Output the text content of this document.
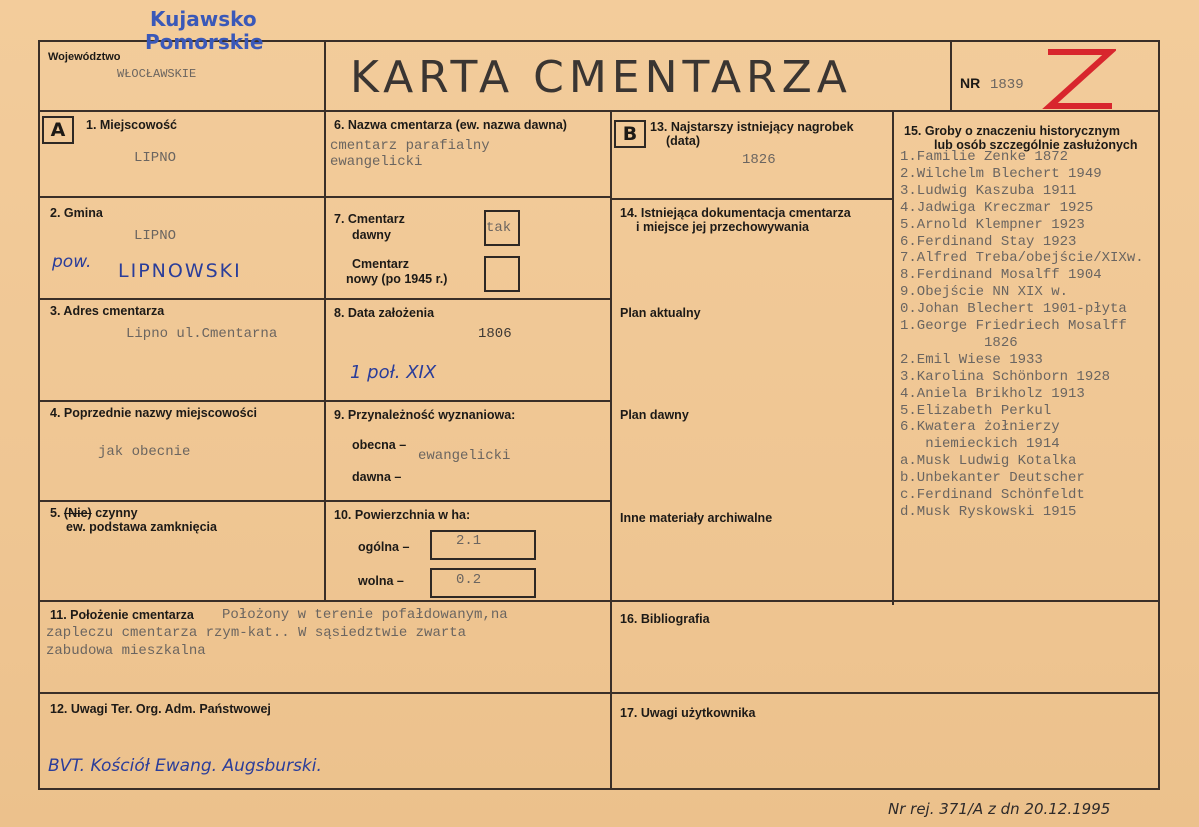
Kujawsko
Pomorskie
Województwo
WŁOCŁAWSKIE	KARTA CMENTARZA	NR 1839
A	B
1. Miejscowość
LIPNO
2. Gmina
LIPNO
pow. LIPNOWSKI
3. Adres cmentarza
Lipno ul.Cmentarna
4. Poprzednie nazwy miejscowości
jak obecnie
5. (Nie) czynny
ew. podstawa zamknięcia
6. Nazwa cmentarza (ew. nazwa dawna)
cmentarz parafialny
ewangelicki
7. Cmentarz
dawny	tak
Cmentarz
nowy (po 1945 r.)
8. Data założenia
1806
1 poł. XIX
9. Przynależność wyznaniowa:
obecna –
ewangelicki
dawna –
10. Powierzchnia w ha:
ogólna –	2.1
wolna –	0.2
11. Położenie cmentarza Położony w terenie pofałdowanym,na
zapleczu cmentarza rzym-kat.. W sąsiedztwie zwarta
zabudowa mieszkalna
12. Uwagi Ter. Org. Adm. Państwowej
BVT. Kościół Ewang. Augsburski.
13. Najstarszy istniejący nagrobek
(data)
1826
14. Istniejąca dokumentacja cmentarza
i miejsce jej przechowywania
Plan aktualny
Plan dawny
Inne materiały archiwalne
15. Groby o znaczeniu historycznym
lub osób szczególnie zasłużonych
1.Familie Zenke 1872
2.Wilchelm Blechert 1949
3.Ludwig Kaszuba 1911
4.Jadwiga Kreczmar 1925
5.Arnold Klempner 1923
6.Ferdinand Stay 1923
7.Alfred Treba/obejście/XIXw.
8.Ferdinand Mosalff 1904
9.Obejście NN XIX w.
0.Johan Blechert 1901-płyta
1.George Friedriech Mosalff
1826
2.Emil Wiese 1933
3.Karolina Schönborn 1928
4.Aniela Brikholz 1913
5.Elizabeth Perkul
6.Kwatera żołnierzy
niemieckich 1914
a.Musk Ludwig Kotalka
b.Unbekanter Deutscher
c.Ferdinand Schönfeldt
d.Musk Ryskowski 1915
16. Bibliografia
17. Uwagi użytkownika
Nr rej. 371/A z dn 20.12.1995
